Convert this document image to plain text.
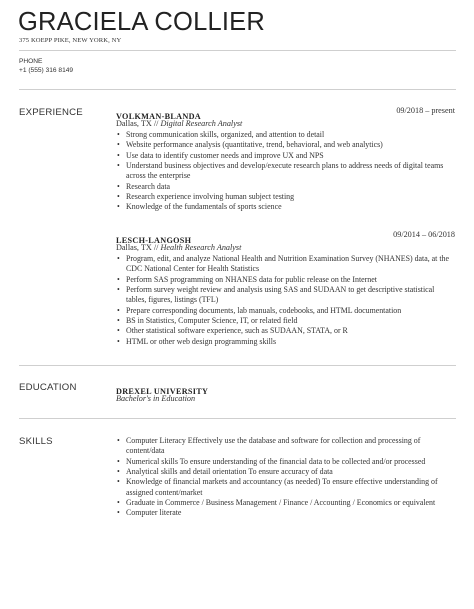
GRACIELA COLLIER
375 KOEPP PIKE, NEW YORK, NY
PHONE
+1 (555) 316 8149
EXPERIENCE	VOLKMAN-BLANDA
09/2018 – present
Dallas, TX // Digital Research Analyst
• Strong communication skills, organized, and attention to detail
• Website performance analysis (quantitative, trend, behavioral, and web analytics)
• Use data to identify customer needs and improve UX and NPS
• Understand business objectives and develop/execute research plans to address needs of digital teams across the enterprise
• Research data
• Research experience involving human subject testing
• Knowledge of the fundamentals of sports science
LESCH-LANGOSH
09/2014 – 06/2018
Dallas, TX // Health Research Analyst
• Program, edit, and analyze National Health and Nutrition Examination Survey (NHANES) data, at the CDC National Center for Health Statistics
• Perform SAS programming on NHANES data for public release on the Internet
• Perform survey weight review and analysis using SAS and SUDAAN to get descriptive statistical tables, figures, listings (TFL)
• Prepare corresponding documents, lab manuals, codebooks, and HTML documentation
• BS in Statistics, Computer Science, IT, or related field
• Other statistical software experience, such as SUDAAN, STATA, or R
• HTML or other web design programming skills
EDUCATION	DREXEL UNIVERSITY
Bachelor's in Education
SKILLS
•	Computer Literacy Effectively use the database and software for collection and processing of content/data
• Numerical skills To ensure understanding of the financial data to be collected and/or processed
• Analytical skills and detail orientation To ensure accuracy of data
• Knowledge of financial markets and accountancy (as needed) To ensure effective understanding of assigned content/market
• Graduate in Commerce / Business Management / Finance / Accounting / Economics or equivalent
• Computer literate
